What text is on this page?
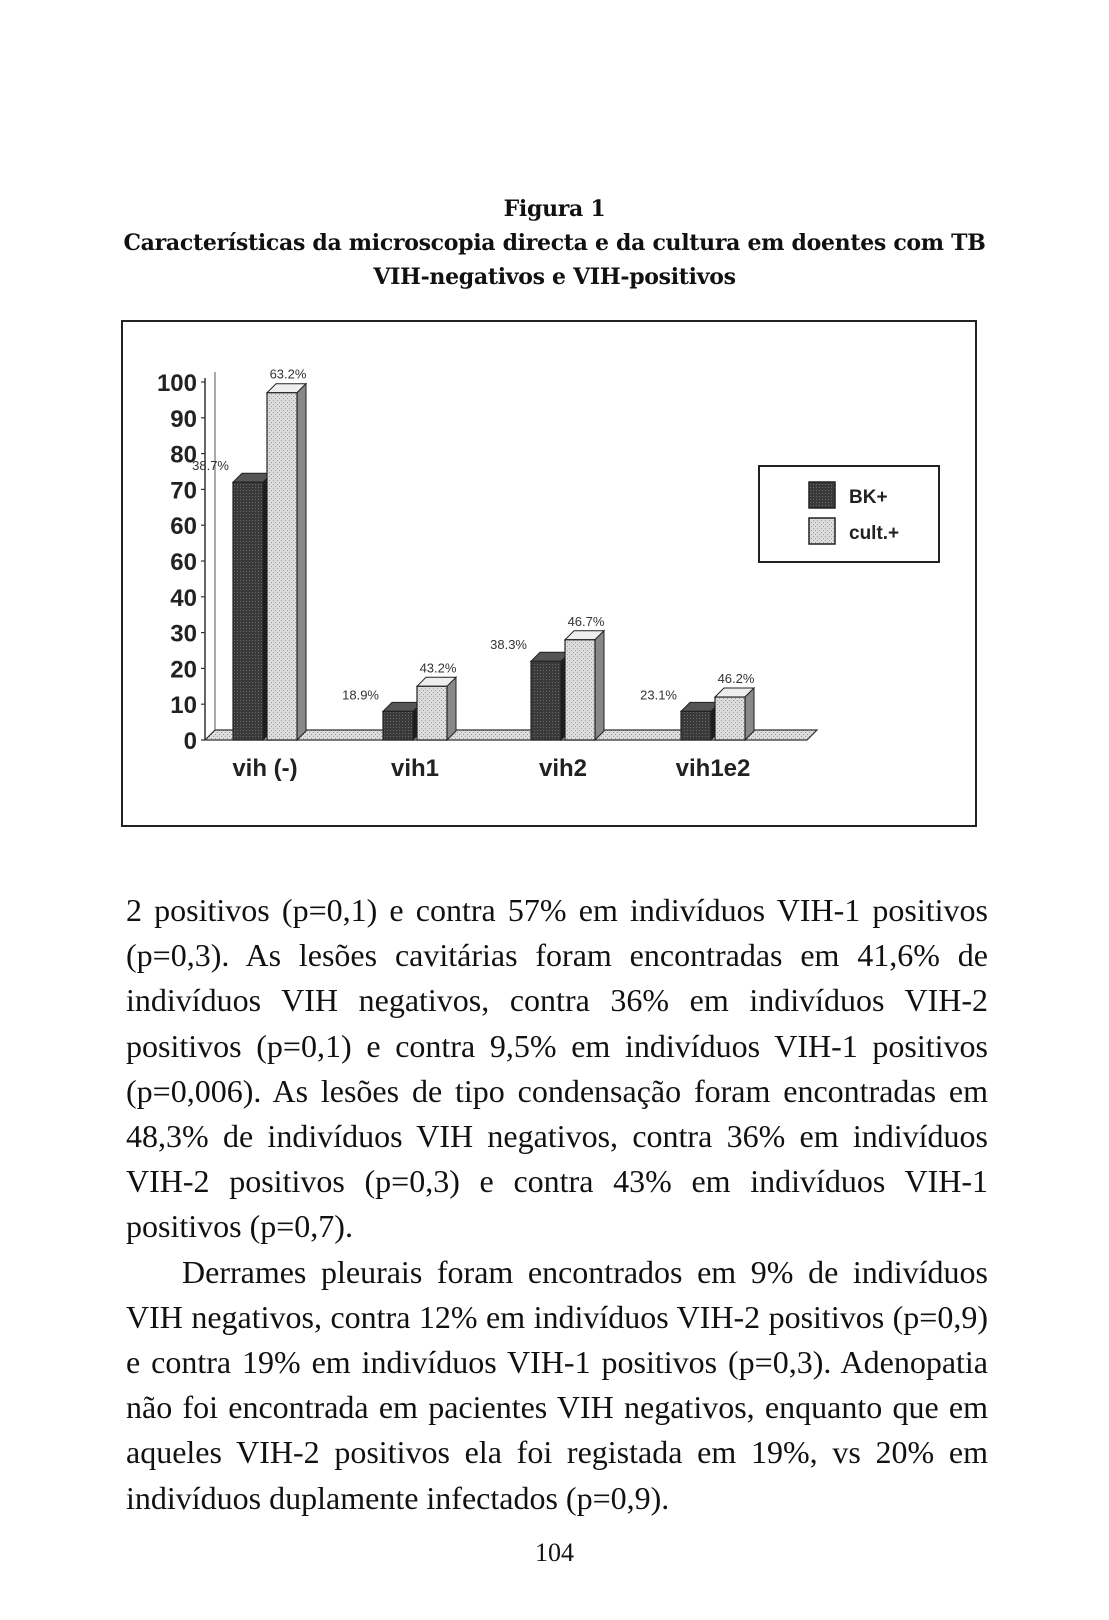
Figura 1
Características da microscopia directa e da cultura em doentes com TB
VIH-negativos e VIH-positivos
0
10
20
30
40
60
60
70
80
90
100
vih (-)	vih1	vih2	vih1e2
38.7%
18.9%
38.3%
23.1%
63.2%
43.2%
46.7%
46.2%
BK+
cult.+

2 positivos (p=0,1) e contra 57% em indivíduos VIH-1 positivos (p=0,3). As lesões cavitárias foram encontradas em 41,6% de indivíduos VIH negativos, contra 36% em indivíduos VIH-2 positivos (p=0,1) e contra 9,5% em indivíduos VIH-1 positivos (p=0,006). As lesões de tipo condensação foram encontradas em 48,3% de indivíduos VIH negativos, contra 36% em indivíduos VIH-2 positivos (p=0,3) e contra 43% em indivíduos VIH-1 positivos (p=0,7).

Derrames pleurais foram encontrados em 9% de indivíduos VIH negativos, contra 12% em indivíduos VIH-2 positivos (p=0,9) e contra 19% em indivíduos VIH-1 positivos (p=0,3). Adenopatia não foi encontrada em pacientes VIH negativos, enquanto que em aqueles VIH-2 positivos ela foi registada em 19%, vs 20% em indivíduos duplamente infectados (p=0,9).

104
